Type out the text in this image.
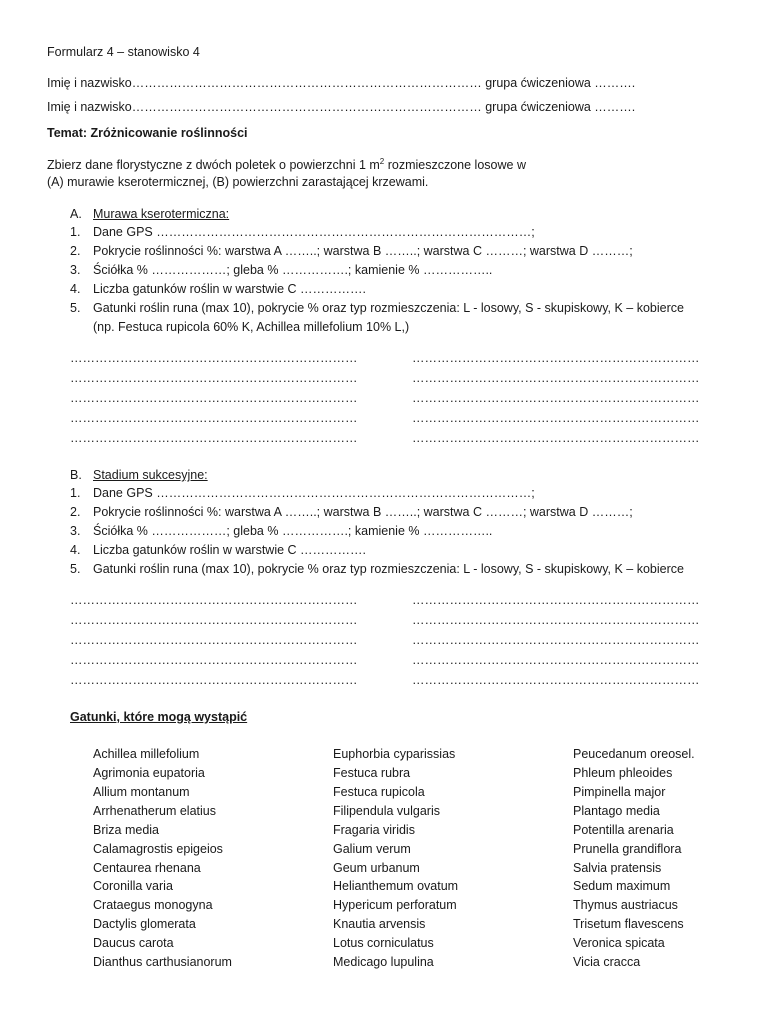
Formularz 4 – stanowisko 4
Imię i nazwisko………………………………………………………………………… grupa ćwiczeniowa ……….
Imię i nazwisko………………………………………………………………………… grupa ćwiczeniowa ……….
Temat: Zróżnicowanie roślinności
Zbierz dane florystyczne z dwóch poletek o powierzchni 1 $m^2$ rozmieszczone losowe w
(A) murawie kserotermicznej, (B) powierzchni zarastającej krzewami.
A. Murawa kserotermiczna:
1. Dane GPS ………………………………………………………………………………;
2. Pokrycie roślinności %: warstwa A ……..; warstwa B ……..; warstwa C ………; warstwa D ………;
3. Ściółka % ………………; gleba % …………….; kamienie % ……………..
4. Liczba gatunków roślin w warstwie C …………….
5. Gatunki roślin runa (max 10), pokrycie % oraz typ rozmieszczenia: L - losowy, S - skupiskowy, K – kobierce
(np. Festuca rupicola 60% K, Achillea millefolium 10% L,)
……………………………………………………………	……………………………………………………………
……………………………………………………………	……………………………………………………………
……………………………………………………………	……………………………………………………………
……………………………………………………………	……………………………………………………………
……………………………………………………………	……………………………………………………………
B. Stadium sukcesyjne:
1. Dane GPS ………………………………………………………………………………;
2. Pokrycie roślinności %: warstwa A ……..; warstwa B ……..; warstwa C ………; warstwa D ………;
3. Ściółka % ………………; gleba % …………….; kamienie % ……………..
4. Liczba gatunków roślin w warstwie C …………….
5. Gatunki roślin runa (max 10), pokrycie % oraz typ rozmieszczenia: L - losowy, S - skupiskowy, K – kobierce
……………………………………………………………	……………………………………………………………
……………………………………………………………	……………………………………………………………
……………………………………………………………	……………………………………………………………
……………………………………………………………	……………………………………………………………
……………………………………………………………	……………………………………………………………
Gatunki, które mogą wystąpić
Achillea millefolium
Agrimonia eupatoria
Allium montanum
Arrhenatherum elatius
Briza media
Calamagrostis epigeios
Centaurea rhenana
Coronilla varia
Crataegus monogyna
Dactylis glomerata
Daucus carota
Dianthus carthusianorum
Euphorbia cyparissias
Festuca rubra
Festuca rupicola
Filipendula vulgaris
Fragaria viridis
Galium verum
Geum urbanum
Helianthemum ovatum
Hypericum perforatum
Knautia arvensis
Lotus corniculatus
Medicago lupulina
Peucedanum oreosel.
Phleum phleoides
Pimpinella major
Plantago media
Potentilla arenaria
Prunella grandiflora
Salvia pratensis
Sedum maximum
Thymus austriacus
Trisetum flavescens
Veronica spicata
Vicia cracca
